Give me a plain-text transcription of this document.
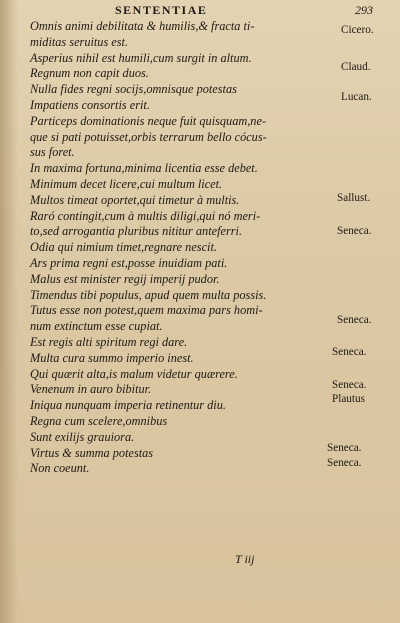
SENTENTIAE	293
Omnis animi debilitata & humilis,& fracta ti-
miditas seruitus est.
Asperius nihil est humili,cum surgit in altum.
Regnum non capit duos.
Nulla fides regni socijs,omnisque potestas
Impatiens consortis erit.
Particeps dominationis neque fuit quisquam,ne-
que si pati potuisset,orbis terrarum bello cócus-
sus foret.
In maxima fortuna,minima licentia esse debet.
Minimum decet licere,cui multum licet.
Multos timeat oportet,qui timetur à multis.
Raró contingit,cum à multis diligi,qui nó meri-
to,sed arrogantia pluribus nititur anteferri.
Odia qui nimium timet,regnare nescit.
Ars prima regni est,posse inuidiam pati.
Malus est minister regij imperij pudor.
Timendus tibi populus, apud quem multa possis.
Tutus esse non potest,quem maxima pars homi-
num extinctum esse cupiat.
Est regis alti spiritum regi dare.
Multa cura summo imperio inest.
Qui quærit alta,is malum videtur quærere.
Venenum in auro bibitur.
Iniqua nunquam imperia retinentur diu.
Regna cum scelere,omnibus
Sunt exilijs grauiora.
Virtus & summa potestas
Non coeunt.
Cicero.
Claud.
Lucan.
Sallust.
Seneca.
Seneca.
Seneca.
Seneca.
Plautus
Seneca.
Seneca.
T iij
